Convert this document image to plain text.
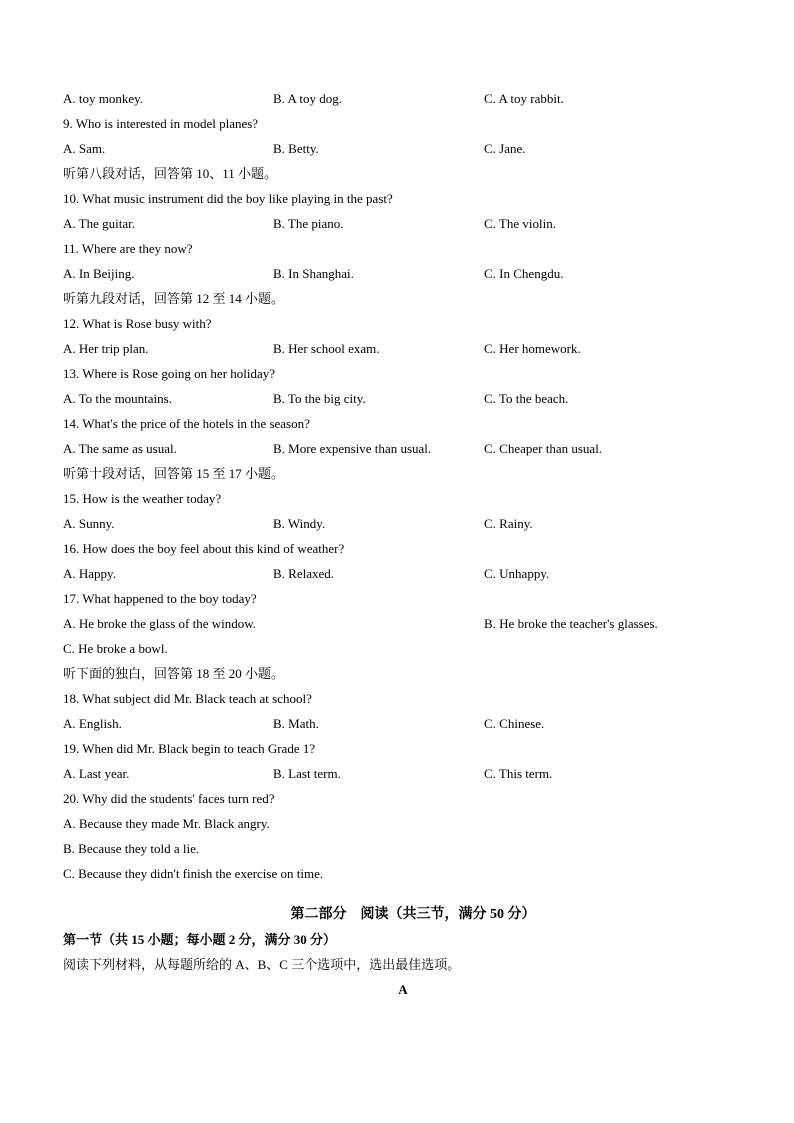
A. toy monkey.	B. A toy dog.	C. A toy rabbit.
9. Who is interested in model planes?
A. Sam.	B. Betty.	C. Jane.
听第八段对话，回答第 10、11 小题。
10. What music instrument did the boy like playing in the past?
A. The guitar.	B. The piano.	C. The violin.
11. Where are they now?
A. In Beijing.	B. In Shanghai.	C. In Chengdu.
听第九段对话，回答第 12 至 14 小题。
12. What is Rose busy with?
A. Her trip plan.	B. Her school exam.	C. Her homework.
13. Where is Rose going on her holiday?
A. To the mountains.	B. To the big city.	C. To the beach.
14. What's the price of the hotels in the season?
A. The same as usual.	B. More expensive than usual.	C. Cheaper than usual.
听第十段对话，回答第 15 至 17 小题。
15. How is the weather today?
A. Sunny.	B. Windy.	C. Rainy.
16. How does the boy feel about this kind of weather?
A. Happy.	B. Relaxed.	C. Unhappy.
17. What happened to the boy today?
A. He broke the glass of the window.	B. He broke the teacher's glasses.
C. He broke a bowl.
听下面的独白，回答第 18 至 20 小题。
18. What subject did Mr. Black teach at school?
A. English.	B. Math.	C. Chinese.
19. When did Mr. Black begin to teach Grade 1?
A. Last year.	B. Last term.	C. This term.
20. Why did the students' faces turn red?
A. Because they made Mr. Black angry.
B. Because they told a lie.
C. Because they didn't finish the exercise on time.
第二部分　阅读（共三节，满分 50 分）
第一节（共 15 小题；每小题 2 分，满分 30 分）
阅读下列材料，从每题所给的 A、B、C 三个选项中，选出最佳选项。
A
